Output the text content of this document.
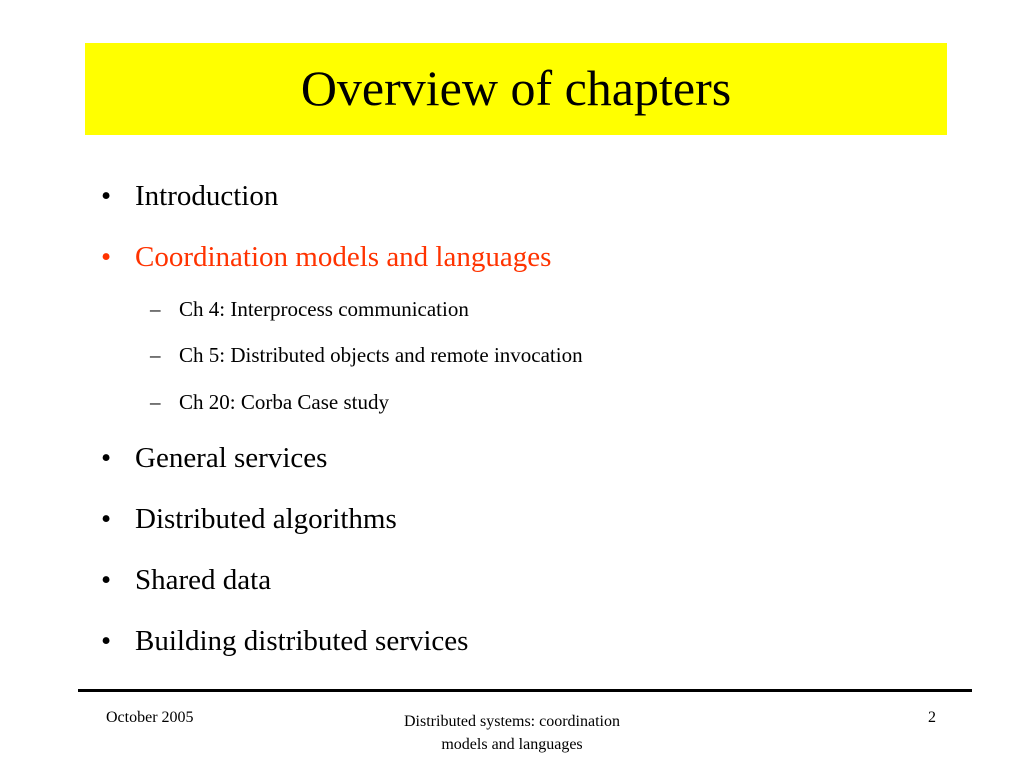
Overview of chapters
• Introduction
• Coordination models and languages
– Ch 4: Interprocess communication
– Ch 5: Distributed objects and remote invocation
– Ch 20: Corba Case study
• General services
• Distributed algorithms
• Shared data
• Building distributed services
October 2005	Distributed systems: coordination
models and languages
2
